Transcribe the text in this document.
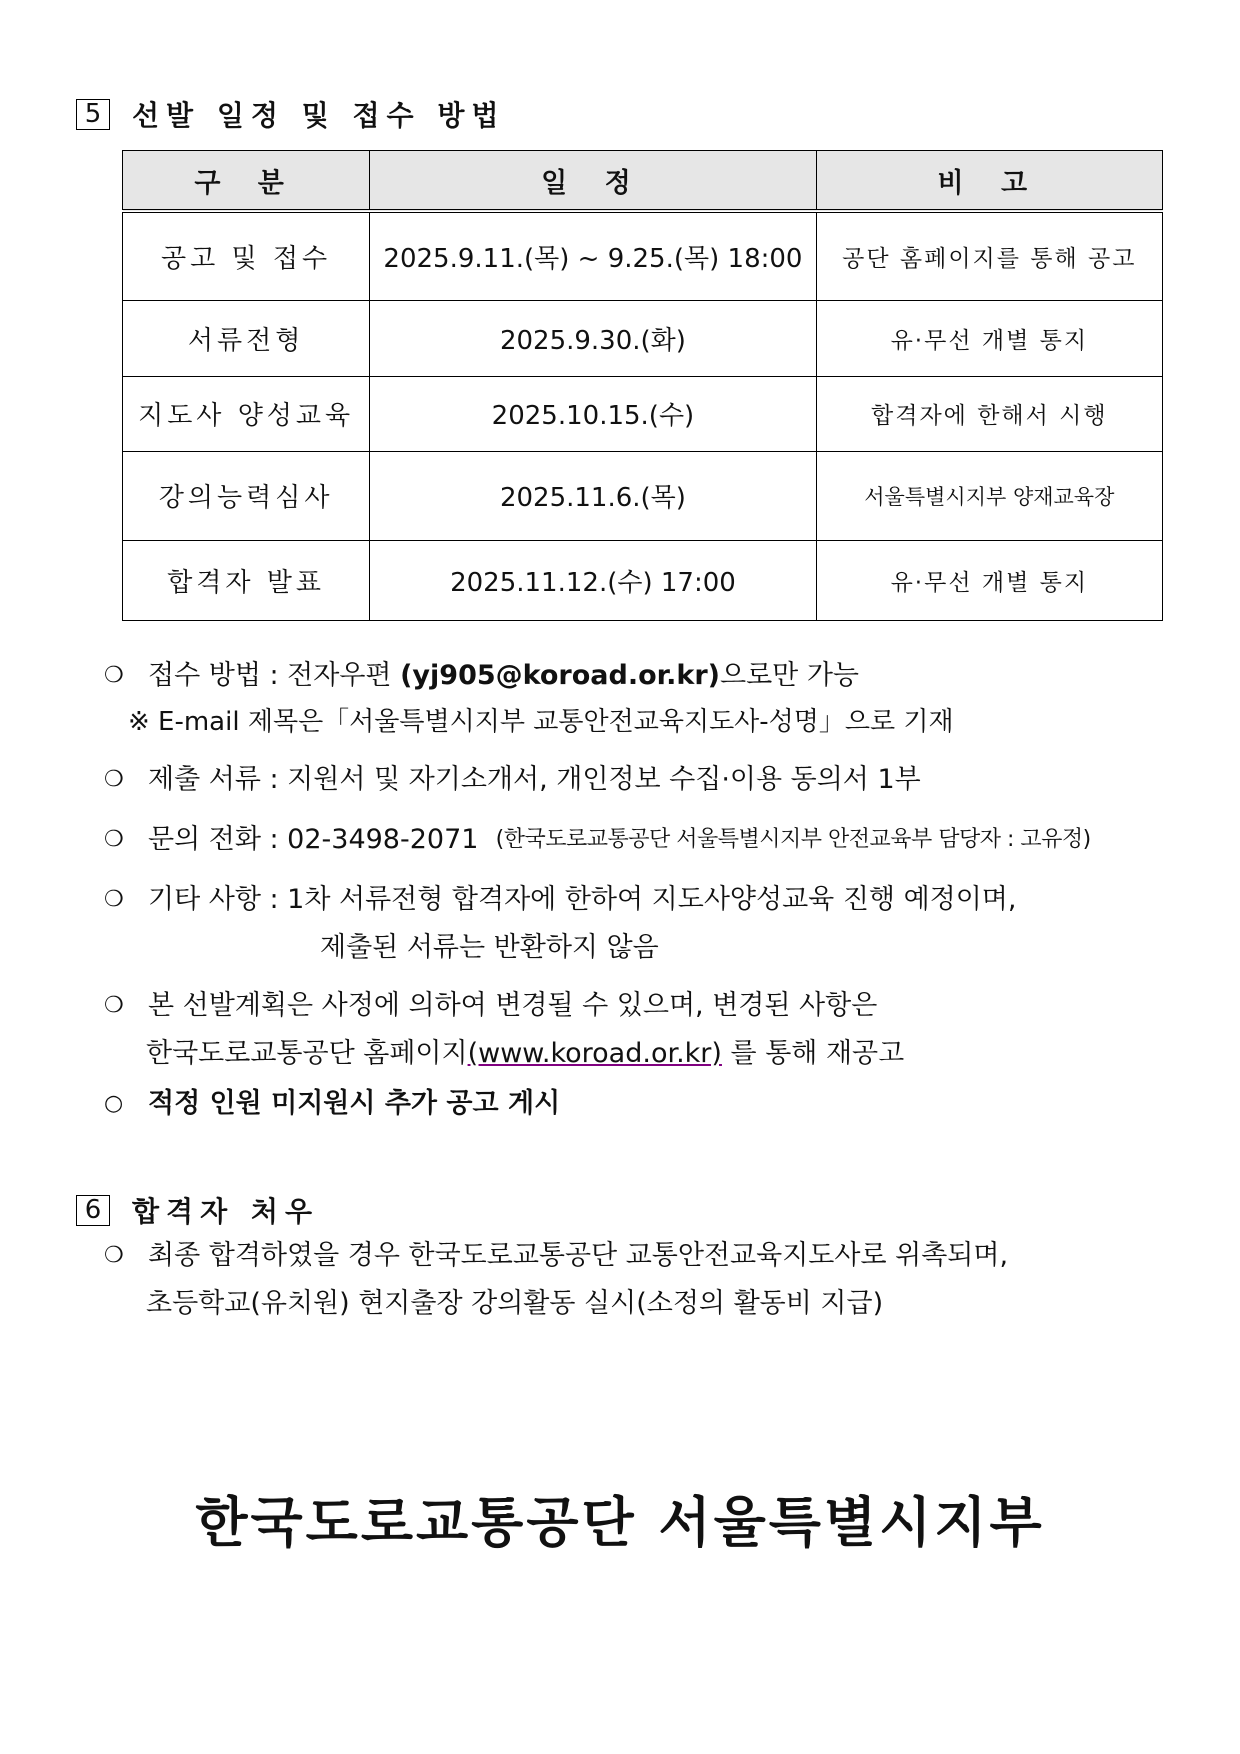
5	선발 일정 및 접수 방법
구 분	일 정	비 고
공고 및 접수	2025.9.11.(목) ~ 9.25.(목) 18:00	공단 홈페이지를 통해 공고
서류전형	2025.9.30.(화)	유·무선 개별 통지
지도사 양성교육	2025.10.15.(수)	합격자에 한해서 시행
강의능력심사	2025.11.6.(목)	서울특별시지부 양재교육장
합격자 발표	2025.11.12.(수) 17:00	유·무선 개별 통지
❍ 접수 방법 : 전자우편
(yj905@koroad.or.kr) 으로만 가능
※ E-mail 제목은「서울특별시지부 교통안전교육지도사-성명」으로 기재
❍ 제출 서류 : 지원서 및 자기소개서, 개인정보 수집·이용 동의서 1부
❍ 문의 전화 : 02-3498-2071
(한국도로교통공단 서울특별시지부 안전교육부 담당자 : 고유정)
❍ 기타 사항 : 1차 서류전형 합격자에 한하여 지도사양성교육 진행 예정이며,
제출된 서류는 반환하지 않음
❍ 본 선발계획은 사정에 의하여 변경될 수 있으며, 변경된 사항은
한국도로교통공단 홈페이지(www.koroad.or.kr) 를 통해 재공고
○ 적정 인원 미지원시 추가 공고 게시
6	합격자 처우
❍ 최종 합격하였을 경우 한국도로교통공단 교통안전교육지도사로 위촉되며,
초등학교(유치원) 현지출장 강의활동 실시(소정의 활동비 지급)
한국도로교통공단 서울특별시지부
